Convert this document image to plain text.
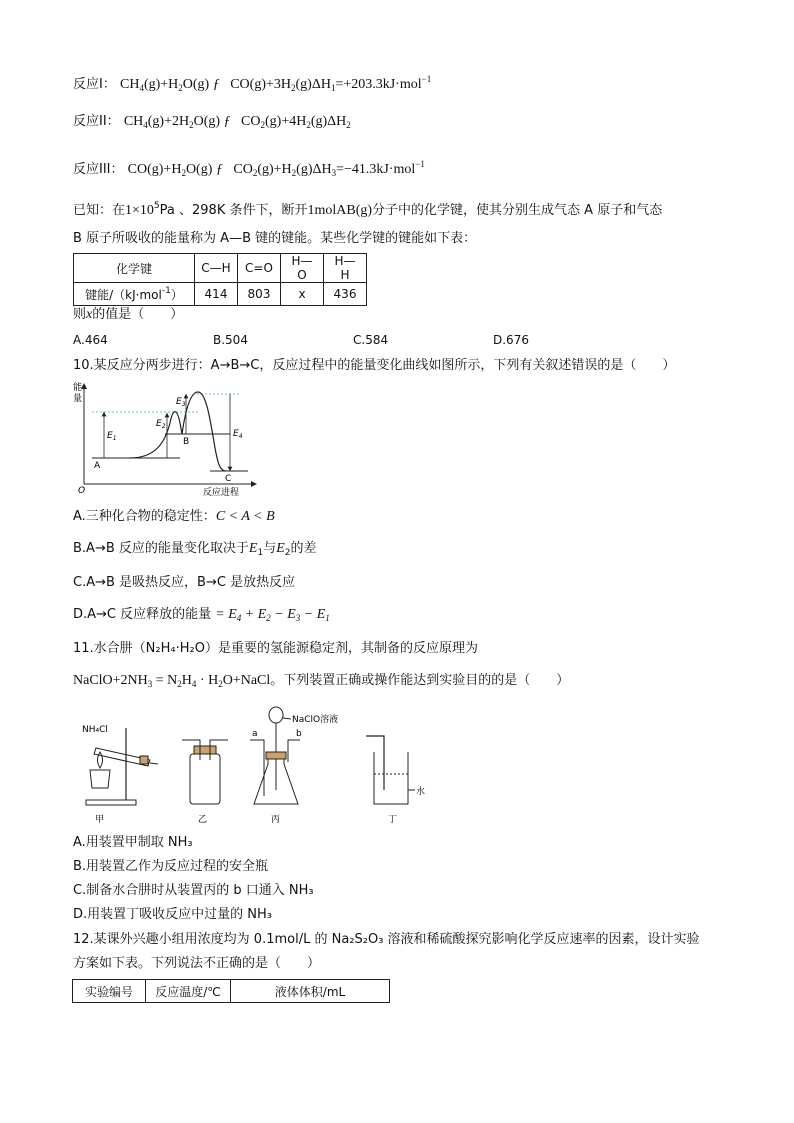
反应I： $CH_4(g)+H_2O(g)$ ƒ $CO(g)+3H_2(g)\Delta H_1=+203.3kJ\cdot mol^{-1}$
反应II： $CH_4(g)+2H_2O(g)$ ƒ $CO_2(g)+4H_2(g)\Delta H_2$
反应III： $CO(g)+H_2O(g)$ ƒ $CO_2(g)+H_2(g)\Delta H_3=-41.3kJ\cdot mol^{-1}$
已知：在$1\times 10^5Pa$ 、298K 条件下，断开1molAB(g)分子中的化学键，使其分别生成气态 A 原子和气态
B 原子所吸收的能量称为 A—B 键的键能。某些化学键的键能如下表：
化学键	C—H	C=O	H—O	H—H
键能/（kJ·mol$^{-1}$）	414	803	x	436
则x的值是（　　）
A.464	B.504	C.584	D.676
10.某反应分两步进行：A→B→C，反应过程中的能量变化曲线如图所示，下列有关叙述错误的是（　　）
能
量
O	反应进程
A
B
C
$E_1$
$E_2$
$E_3$
$E_4$
A.三种化合物的稳定性：C < A < B
B.A→B 反应的能量变化取决于$E_1$与$E_2$的差
C.A→B 是吸热反应，B→C 是放热反应
D.A→C 反应释放的能量 = $E_4 + E_2 - E_3 - E_1$
11.水合肼（N₂H₄·H₂O）是重要的氢能源稳定剂，其制备的反应原理为
$NaClO+2NH_3 = N_2H_4$ · $H_2O+NaCl$。下列装置正确或操作能达到实验目的的是（　　）
NH₄Cl
甲	乙
NaClO溶液
a	b
丙
水
丁
A.用装置甲制取 NH₃
B.用装置乙作为反应过程的安全瓶
C.制备水合肼时从装置丙的 b 口通入 NH₃
D.用装置丁吸收反应中过量的 NH₃
12.某课外兴趣小组用浓度均为 0.1mol/L 的 Na₂S₂O₃ 溶液和稀硫酸探究影响化学反应速率的因素，设计实验
方案如下表。下列说法不正确的是（　　）
实验编号	反应温度/℃	液体体积/mL
